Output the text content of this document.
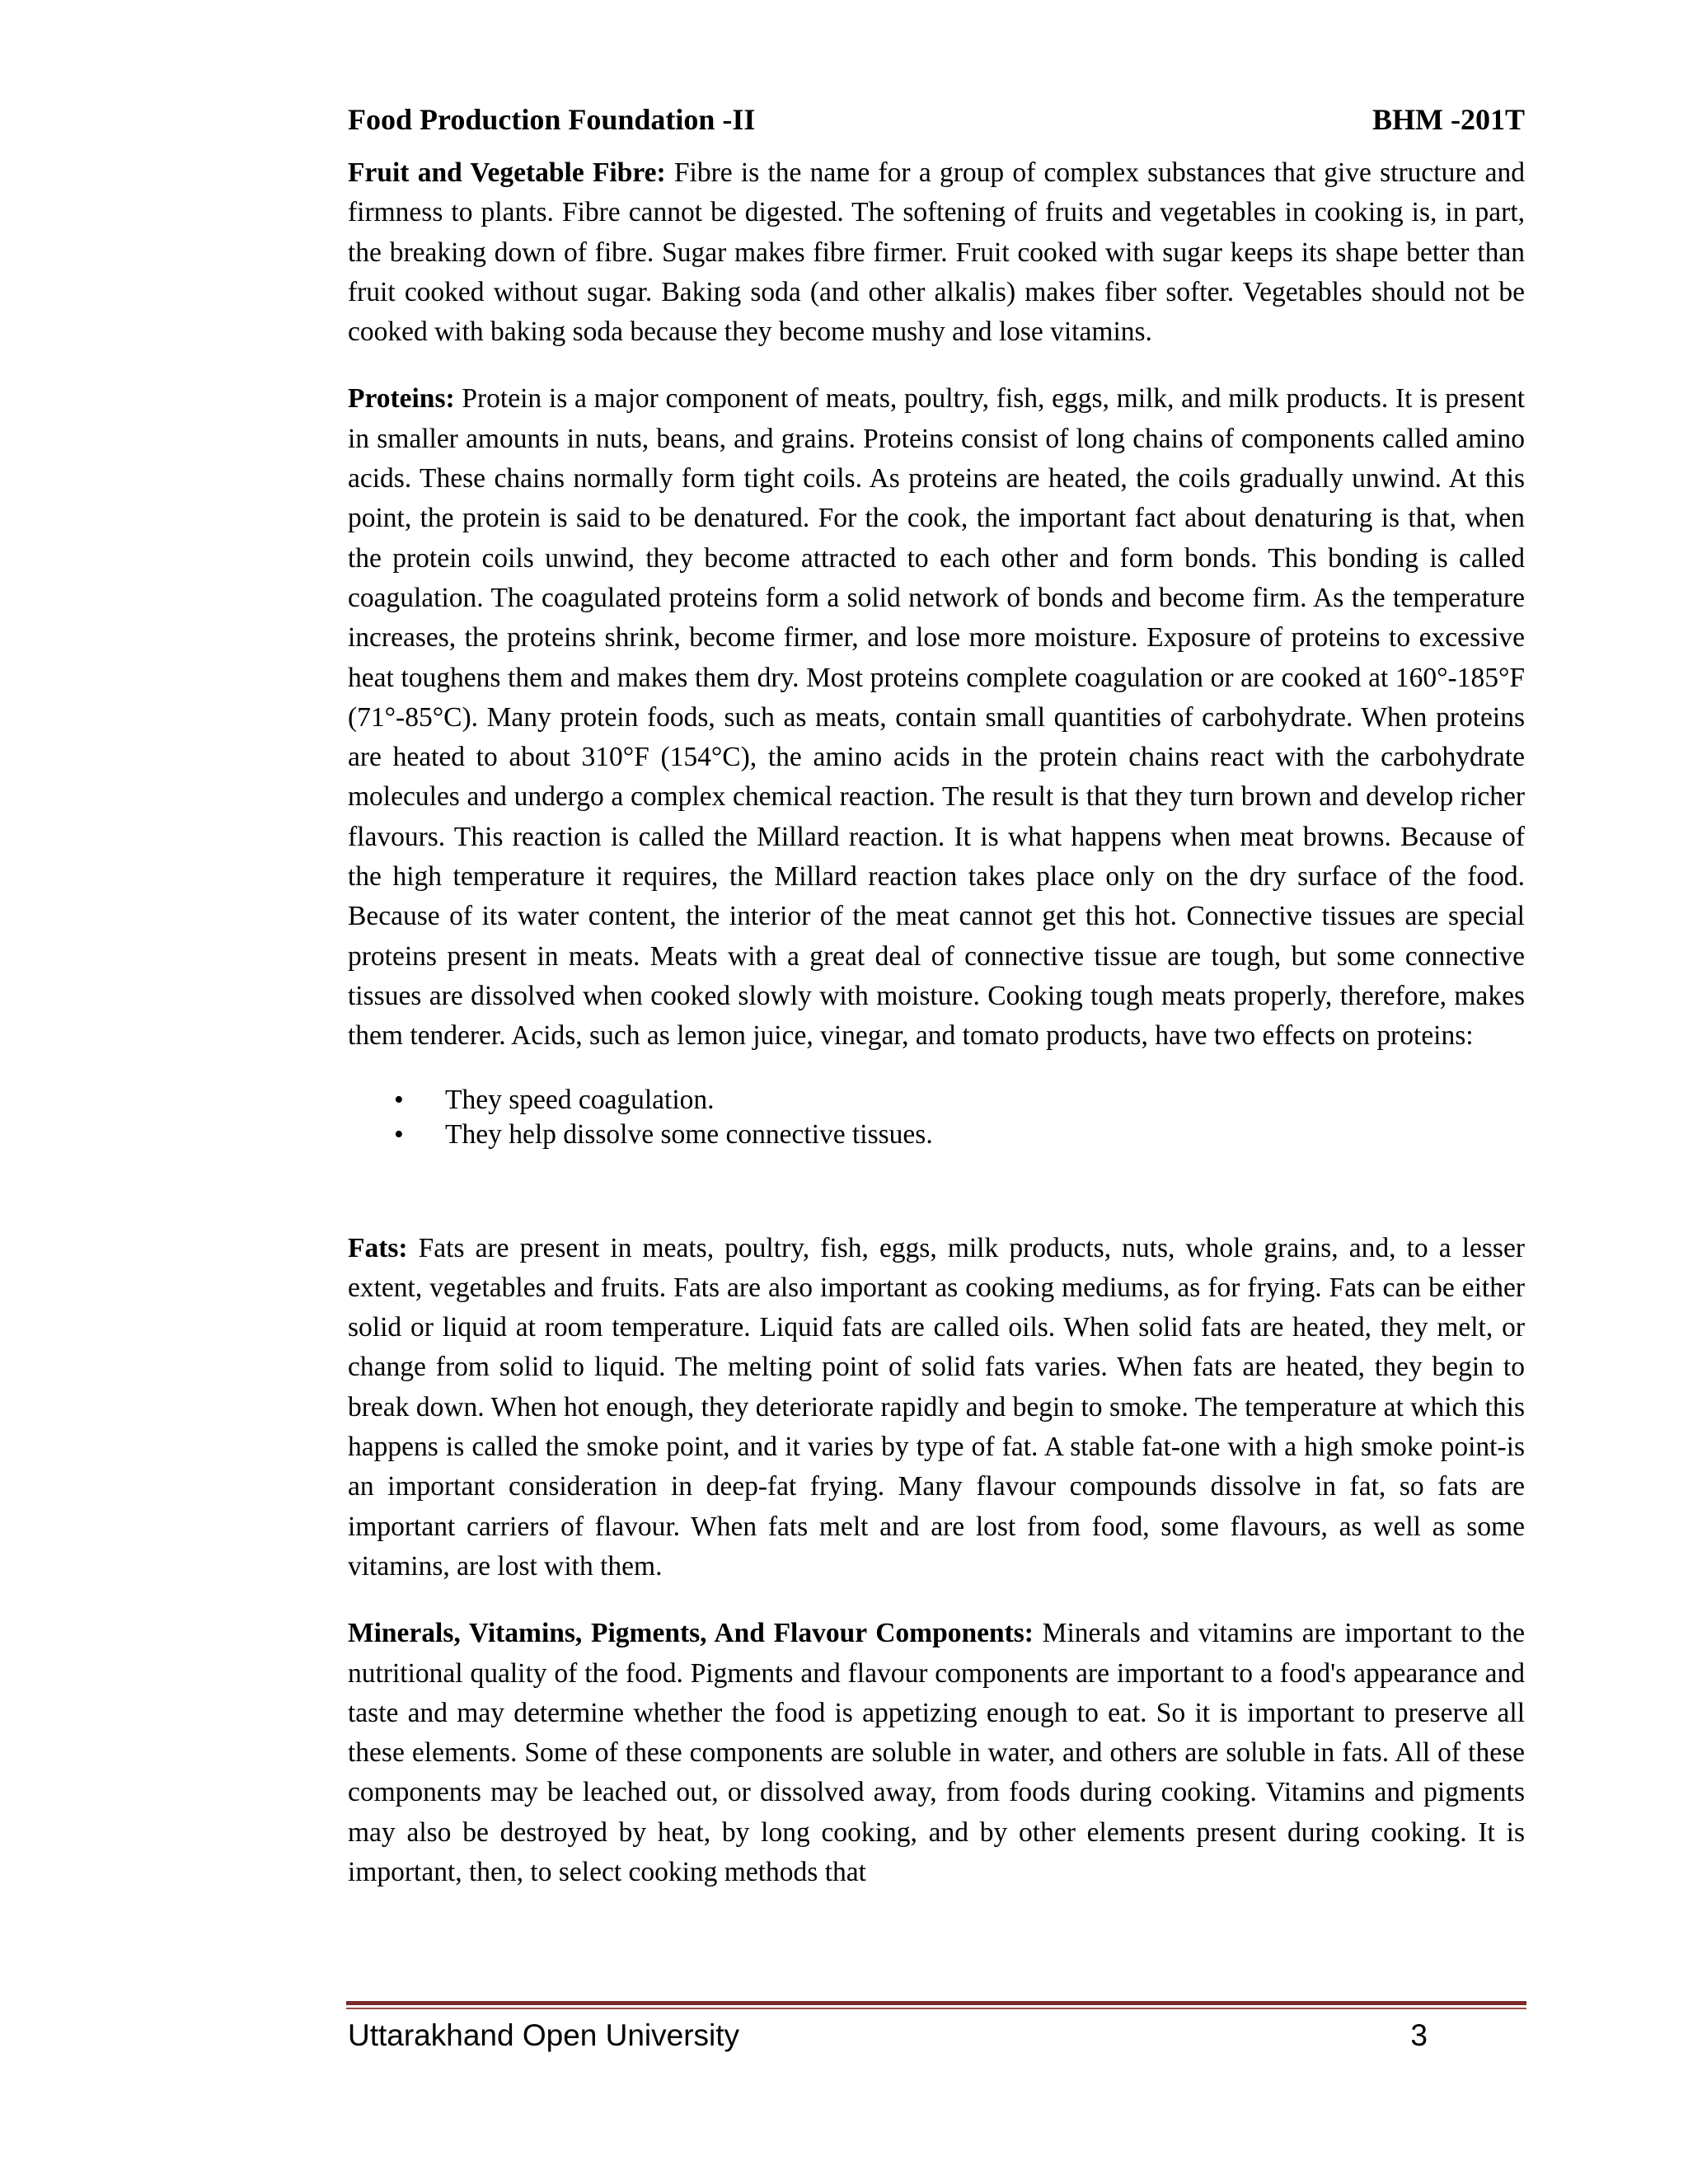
Food Production Foundation -II	BHM -201T

Fruit and Vegetable Fibre: Fibre is the name for a group of complex substances that give structure and firmness to plants. Fibre cannot be digested. The softening of fruits and vegetables in cooking is, in part, the breaking down of fibre. Sugar makes fibre firmer. Fruit cooked with sugar keeps its shape better than fruit cooked without sugar. Baking soda (and other alkalis) makes fiber softer. Vegetables should not be cooked with baking soda because they become mushy and lose vitamins.

Proteins: Protein is a major component of meats, poultry, fish, eggs, milk, and milk products. It is present in smaller amounts in nuts, beans, and grains. Proteins consist of long chains of components called amino acids. These chains normally form tight coils. As proteins are heated, the coils gradually unwind. At this point, the protein is said to be denatured. For the cook, the important fact about denaturing is that, when the protein coils unwind, they become attracted to each other and form bonds. This bonding is called coagulation. The coagulated proteins form a solid network of bonds and become firm. As the temperature increases, the proteins shrink, become firmer, and lose more moisture. Exposure of proteins to excessive heat toughens them and makes them dry. Most proteins complete coagulation or are cooked at 160°-185°F (71°-85°C). Many protein foods, such as meats, contain small quantities of carbohydrate. When proteins are heated to about 310°F (154°C), the amino acids in the protein chains react with the carbohydrate molecules and undergo a complex chemical reaction. The result is that they turn brown and develop richer flavours. This reaction is called the Millard reaction. It is what happens when meat browns. Because of the high temperature it requires, the Millard reaction takes place only on the dry surface of the food. Because of its water content, the interior of the meat cannot get this hot. Connective tissues are special proteins present in meats. Meats with a great deal of connective tissue are tough, but some connective tissues are dissolved when cooked slowly with moisture. Cooking tough meats properly, therefore, makes them tenderer. Acids, such as lemon juice, vinegar, and tomato products, have two effects on proteins:

• They speed coagulation.
• They help dissolve some connective tissues.

Fats: Fats are present in meats, poultry, fish, eggs, milk products, nuts, whole grains, and, to a lesser extent, vegetables and fruits. Fats are also important as cooking mediums, as for frying. Fats can be either solid or liquid at room temperature. Liquid fats are called oils. When solid fats are heated, they melt, or change from solid to liquid. The melting point of solid fats varies. When fats are heated, they begin to break down. When hot enough, they deteriorate rapidly and begin to smoke. The temperature at which this happens is called the smoke point, and it varies by type of fat. A stable fat-one with a high smoke point-is an important consideration in deep-fat frying. Many flavour compounds dissolve in fat, so fats are important carriers of flavour. When fats melt and are lost from food, some flavours, as well as some vitamins, are lost with them.

Minerals, Vitamins, Pigments, And Flavour Components: Minerals and vitamins are important to the nutritional quality of the food. Pigments and flavour components are important to a food's appearance and taste and may determine whether the food is appetizing enough to eat. So it is important to preserve all these elements. Some of these components are soluble in water, and others are soluble in fats. All of these components may be leached out, or dissolved away, from foods during cooking. Vitamins and pigments may also be destroyed by heat, by long cooking, and by other elements present during cooking. It is important, then, to select cooking methods that

Uttarakhand Open University	3
